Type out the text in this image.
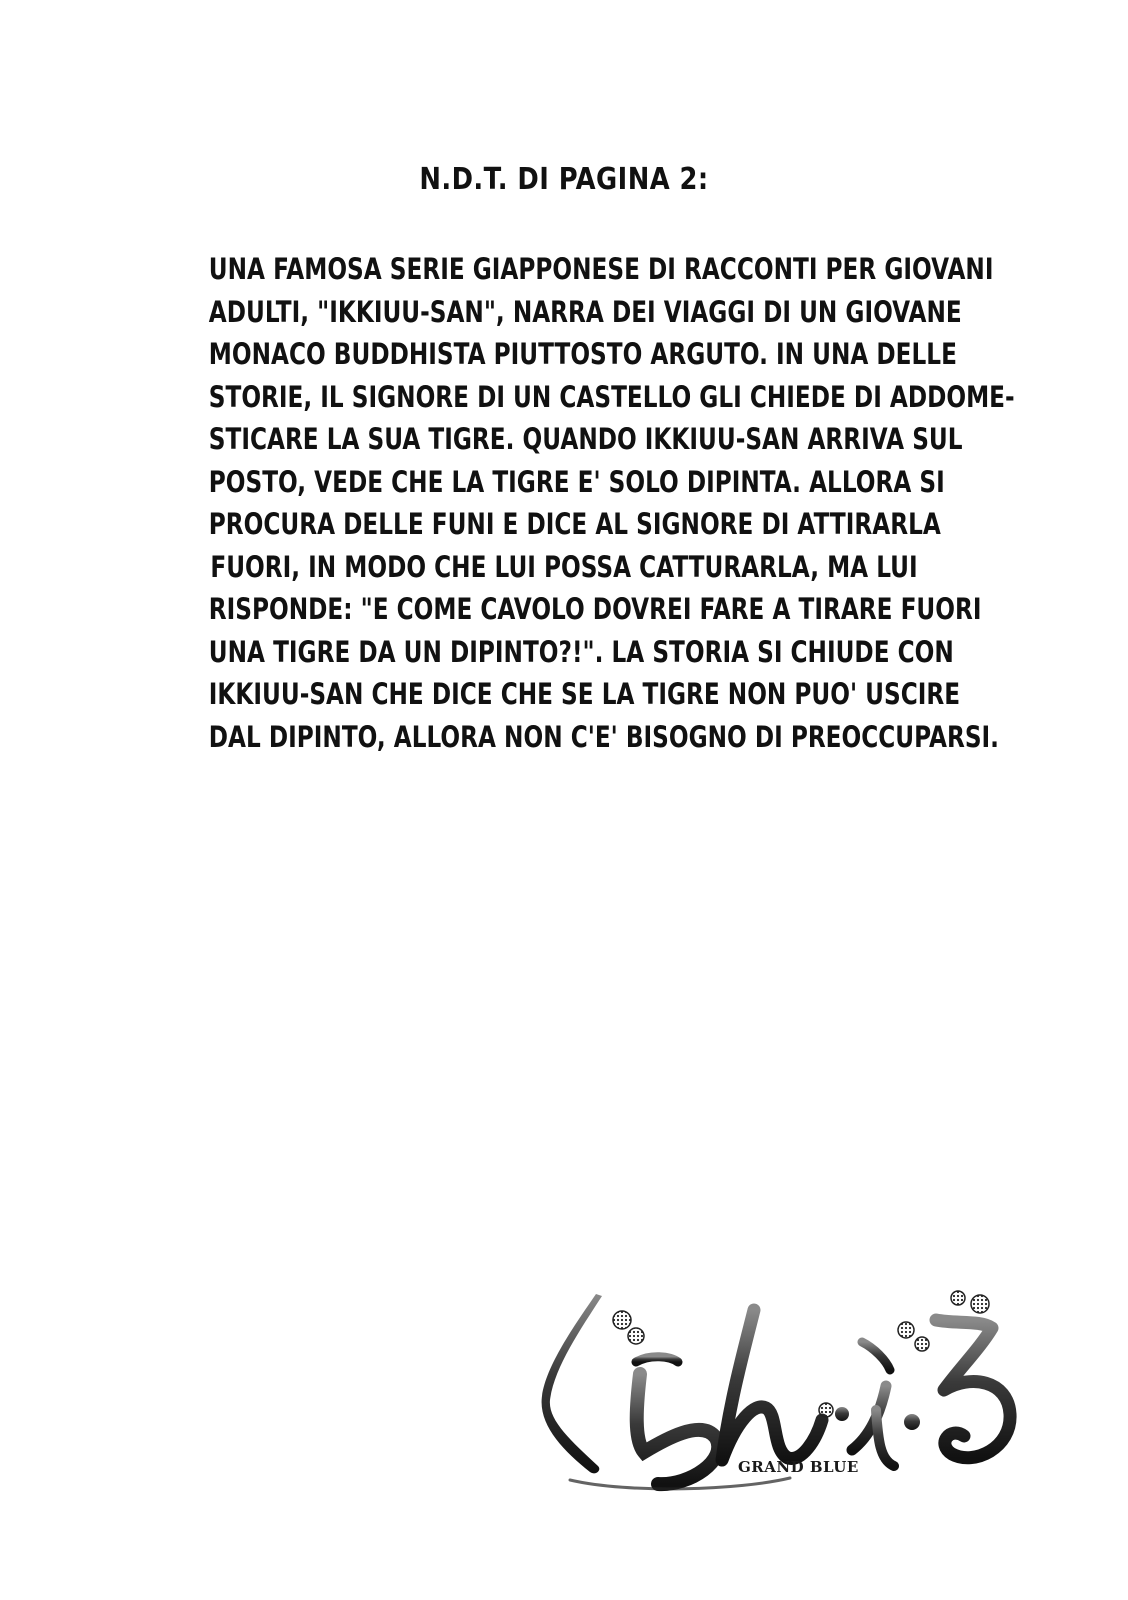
N.D.T. DI PAGINA 2:
UNA FAMOSA SERIE GIAPPONESE DI RACCONTI PER GIOVANI
ADULTI, "IKKIUU-SAN", NARRA DEI VIAGGI DI UN GIOVANE
MONACO BUDDHISTA PIUTTOSTO ARGUTO. IN UNA DELLE
STORIE, IL SIGNORE DI UN CASTELLO GLI CHIEDE DI ADDOME-
STICARE LA SUA TIGRE. QUANDO IKKIUU-SAN ARRIVA SUL
POSTO, VEDE CHE LA TIGRE E' SOLO DIPINTA. ALLORA SI
PROCURA DELLE FUNI E DICE AL SIGNORE DI ATTIRARLA
FUORI, IN MODO CHE LUI POSSA CATTURARLA, MA LUI
RISPONDE: "E COME CAVOLO DOVREI FARE A TIRARE FUORI
UNA TIGRE DA UN DIPINTO?!". LA STORIA SI CHIUDE CON
IKKIUU-SAN CHE DICE CHE SE LA TIGRE NON PUO' USCIRE
DAL DIPINTO, ALLORA NON C'E' BISOGNO DI PREOCCUPARSI.
GRAND BLUE
